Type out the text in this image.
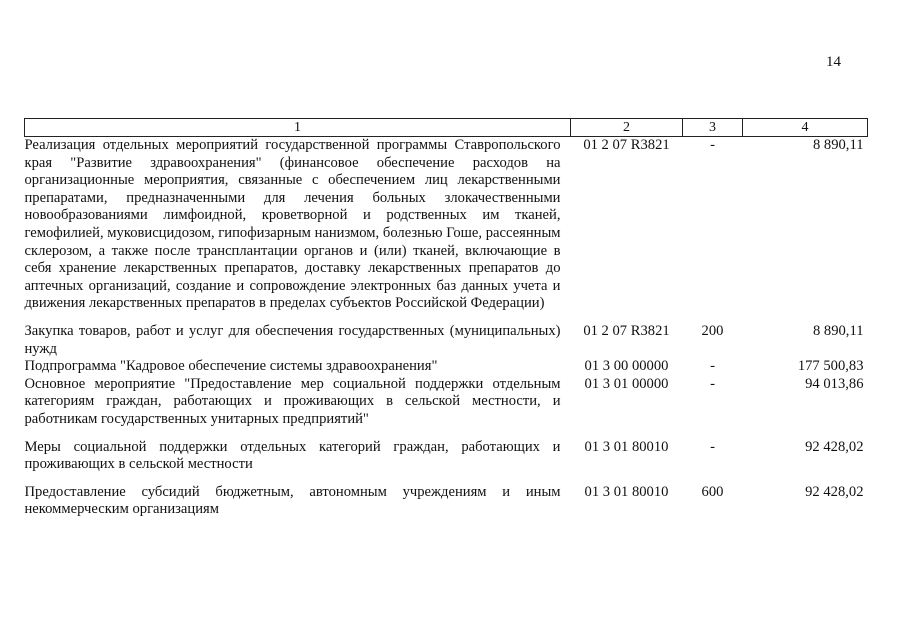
14
1	2	3	4
Реализация отдельных мероприятий государственной программы Ставропольского края "Развитие здравоохранения" (финансовое обеспечение расходов на организационные мероприятия, связанные с обеспечением лиц лекарственными препаратами, предназначенными для лечения больных злокачественными новообразованиями лимфоидной, кроветворной и родственных им тканей, гемофилией, муковисцидозом, гипофизарным нанизмом, болезнью Гоше, рассеянным склерозом, а также после трансплантации органов и (или) тканей, включающие в себя хранение лекарственных препаратов, доставку лекарственных препаратов до аптечных организаций, создание и сопровождение электронных баз данных учета и движения лекарственных препаратов в пределах субъектов Российской Федерации)	01 2 07 R3821	-	8 890,11
Закупка товаров, работ и услуг для обеспечения государственных (муниципальных) нужд	01 2 07 R3821	200	8 890,11
Подпрограмма "Кадровое обеспечение системы здравоохранения"	01 3 00 00000	-	177 500,83
Основное мероприятие "Предоставление мер социальной поддержки отдельным категориям граждан, работающих и проживающих в сельской местности, и работникам государственных унитарных предприятий"	01 3 01 00000	-	94 013,86
Меры социальной поддержки отдельных категорий граждан, работающих и проживающих в сельской местности	01 3 01 80010	-	92 428,02
Предоставление субсидий бюджетным, автономным учреждениям и иным некоммерческим организациям	01 3 01 80010	600	92 428,02
